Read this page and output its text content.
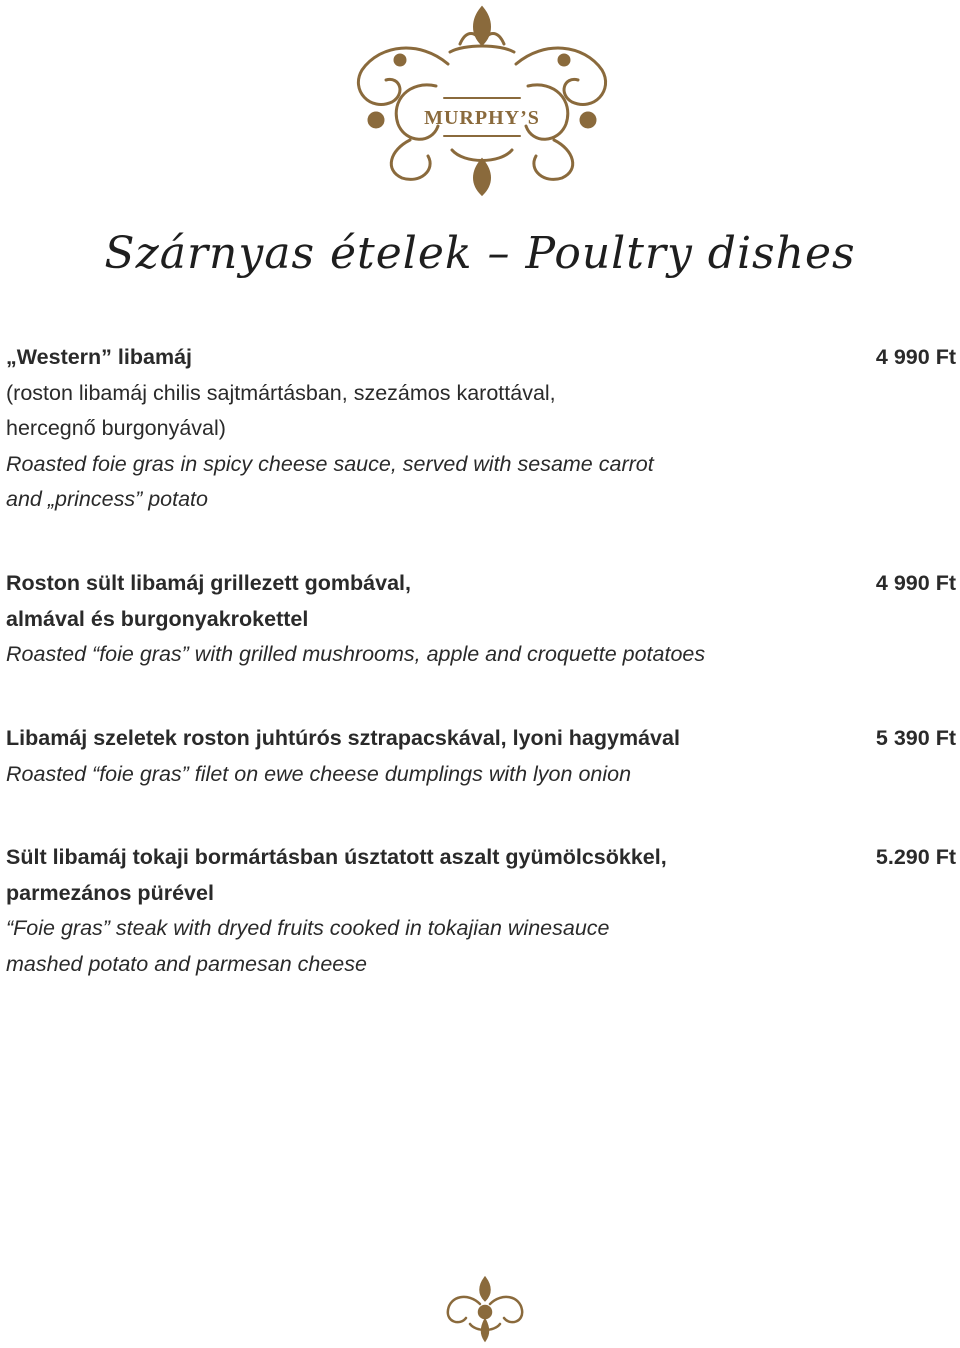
MURPHY’S
Szárnyas ételek – Poultry dishes
„Western” libamáj
(roston libamáj chilis sajtmártásban, szezámos karottával,
hercegnő burgonyával)
Roasted foie gras in spicy cheese sauce, served with sesame carrot
and „princess” potato
4 990 Ft
Roston sült libamáj grillezett gombával,
almával és burgonyakrokettel
Roasted “foie gras” with grilled mushrooms, apple and croquette potatoes
4 990 Ft
Libamáj szeletek roston juhtúrós sztrapacskával, lyoni hagymával
Roasted “foie gras” filet on ewe cheese dumplings with lyon onion
5 390 Ft
Sült libamáj tokaji bormártásban úsztatott aszalt gyümölcsökkel,
parmezános pürével
“Foie gras” steak with dryed fruits cooked in tokajian winesauce
mashed potato and parmesan cheese
5.290 Ft
